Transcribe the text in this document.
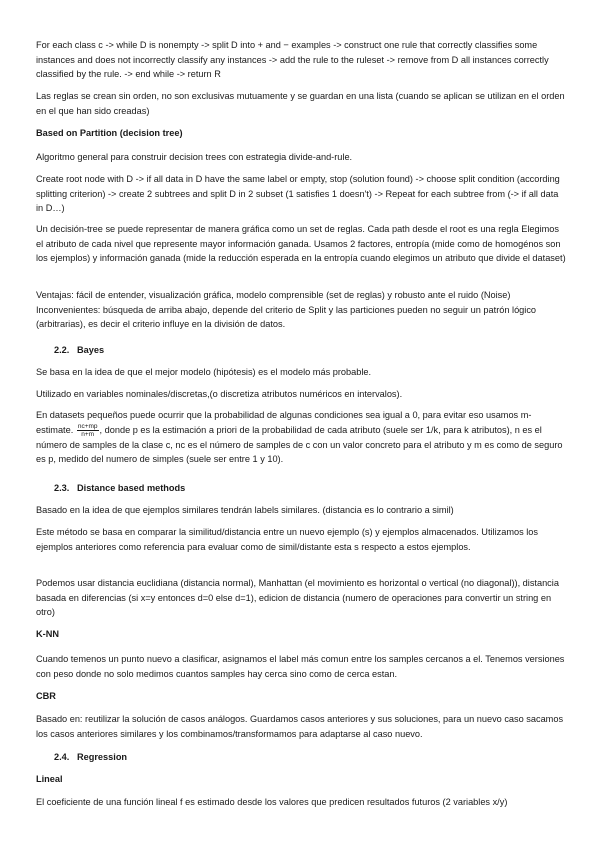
For each class c -> while D is nonempty -> split D into + and − examples -> construct one rule that correctly classifies some instances and does not incorrectly classify any instances -> add the rule to the ruleset -> remove from D all instances correctly classified by the rule. -> end while -> return R

Las reglas se crean sin orden, no son exclusivas mutuamente y se guardan en una lista (cuando se aplican se utilizan en el orden en el que han sido creadas)

Based on Partition (decision tree)

Algoritmo general para construir decision trees con estrategia divide-and-rule.

Create root node with D -> if all data in D have the same label or empty, stop (solution found) -> choose split condition (according splitting criterion) -> create 2 subtrees and split D in 2 subset (1 satisfies 1 doesn't) -> Repeat for each subtree from (-> if all data in D…)

Un decisión-tree se puede representar de manera gráfica como un set de reglas. Cada path desde el root es una regla Elegimos el atributo de cada nivel que represente mayor información ganada. Usamos 2 factores, entropía (mide como de homogénos son los ejemplos) y información ganada (mide la reducción esperada en la entropía cuando elegimos un atributo que divide el dataset)

Ventajas: fácil de entender, visualización gráfica, modelo comprensible (set de reglas) y robusto ante el ruido (Noise)

Inconvenientes: búsqueda de arriba abajo, depende del criterio de Split y las particiones pueden no seguir un patrón lógico (arbitrarias), es decir el criterio influye en la división de datos.

2.2. Bayes

Se basa en la idea de que el mejor modelo (hipótesis) es el modelo más probable.

Utilizado en variables nominales/discretas,(o discretiza atributos numéricos en intervalos).

En datasets pequeños puede ocurrir que la probabilidad de algunas condiciones sea igual a 0, para evitar eso usamos m-estimate. $\frac{nc+mp}{n+m}$ , donde p es la estimación a priori de la probabilidad de cada atributo (suele ser 1/k, para k atributos), n es el número de samples de la clase c, nc es el número de samples de c con un valor concreto para el atributo y m es como de seguro es p, medido del numero de simples (suele ser entre 1 y 10).

2.3. Distance based methods

Basado en la idea de que ejemplos similares tendrán labels similares. (distancia es lo contrario a simil)

Este método se basa en comparar la similitud/distancia entre un nuevo ejemplo (s) y ejemplos almacenados. Utilizamos los ejemplos anteriores como referencia para evaluar como de simil/distante esta s respecto a estos ejemplos.

Podemos usar distancia euclidiana (distancia normal), Manhattan (el movimiento es horizontal o vertical (no diagonal)), distancia basada en diferencias (si x=y entonces d=0 else d=1), edicion de distancia (numero de operaciones para convertir un string en otro)

K-NN

Cuando temenos un punto nuevo a clasificar, asignamos el label más comun entre los samples cercanos a el. Tenemos versiones con peso donde no solo medimos cuantos samples hay cerca sino como de cerca estan.

CBR

Basado en: reutilizar la solución de casos análogos. Guardamos casos anteriores y sus soluciones, para un nuevo caso sacamos los casos anteriores similares y los combinamos/transformamos para adaptarse al caso nuevo.

2.4. Regression
Lineal

El coeficiente de una función lineal f es estimado desde los valores que predicen resultados futuros (2 variables x/y)
